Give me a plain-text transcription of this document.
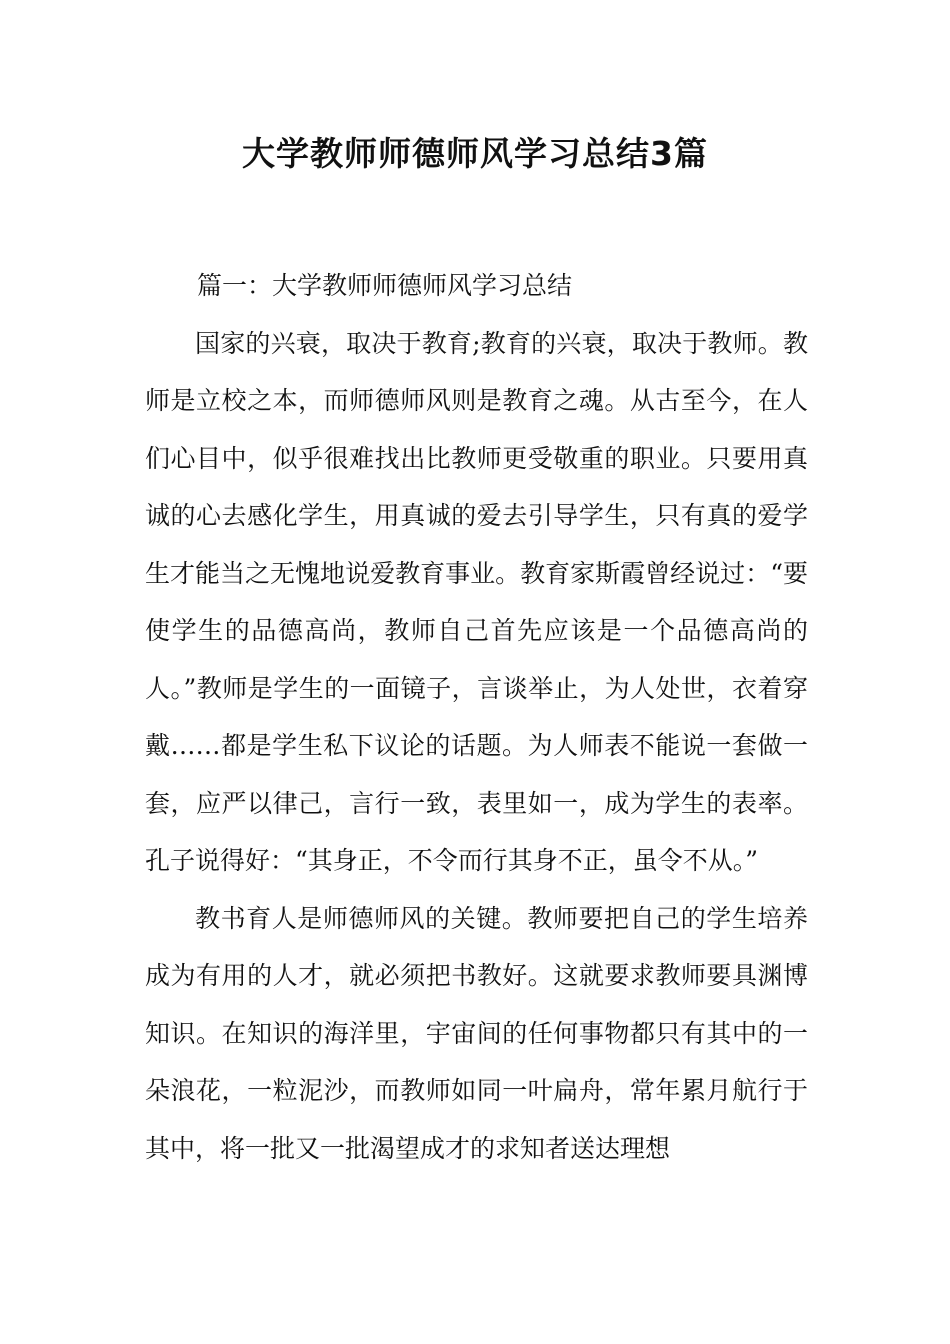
大学教师师德师风学习总结3篇

篇一：大学教师师德师风学习总结

国家的兴衰，取决于教育;教育的兴衰，取决于教师。教师是立校之本，而师德师风则是教育之魂。从古至今，在人们心目中，似乎很难找出比教师更受敬重的职业。只要用真诚的心去感化学生，用真诚的爱去引导学生，只有真的爱学生才能当之无愧地说爱教育事业。教育家斯霞曾经说过：“要使学生的品德高尚，教师自己首先应该是一个品德高尚的人。”教师是学生的一面镜子，言谈举止，为人处世，衣着穿戴……都是学生私下议论的话题。为人师表不能说一套做一套，应严以律己，言行一致，表里如一，成为学生的表率。孔子说得好：“其身正，不令而行其身不正，虽令不从。”

教书育人是师德师风的关键。教师要把自己的学生培养成为有用的人才，就必须把书教好。这就要求教师要具渊博知识。在知识的海洋里，宇宙间的任何事物都只有其中的一朵浪花，一粒泥沙，而教师如同一叶扁舟，常年累月航行于其中，将一批又一批渴望成才的求知者送达理想
